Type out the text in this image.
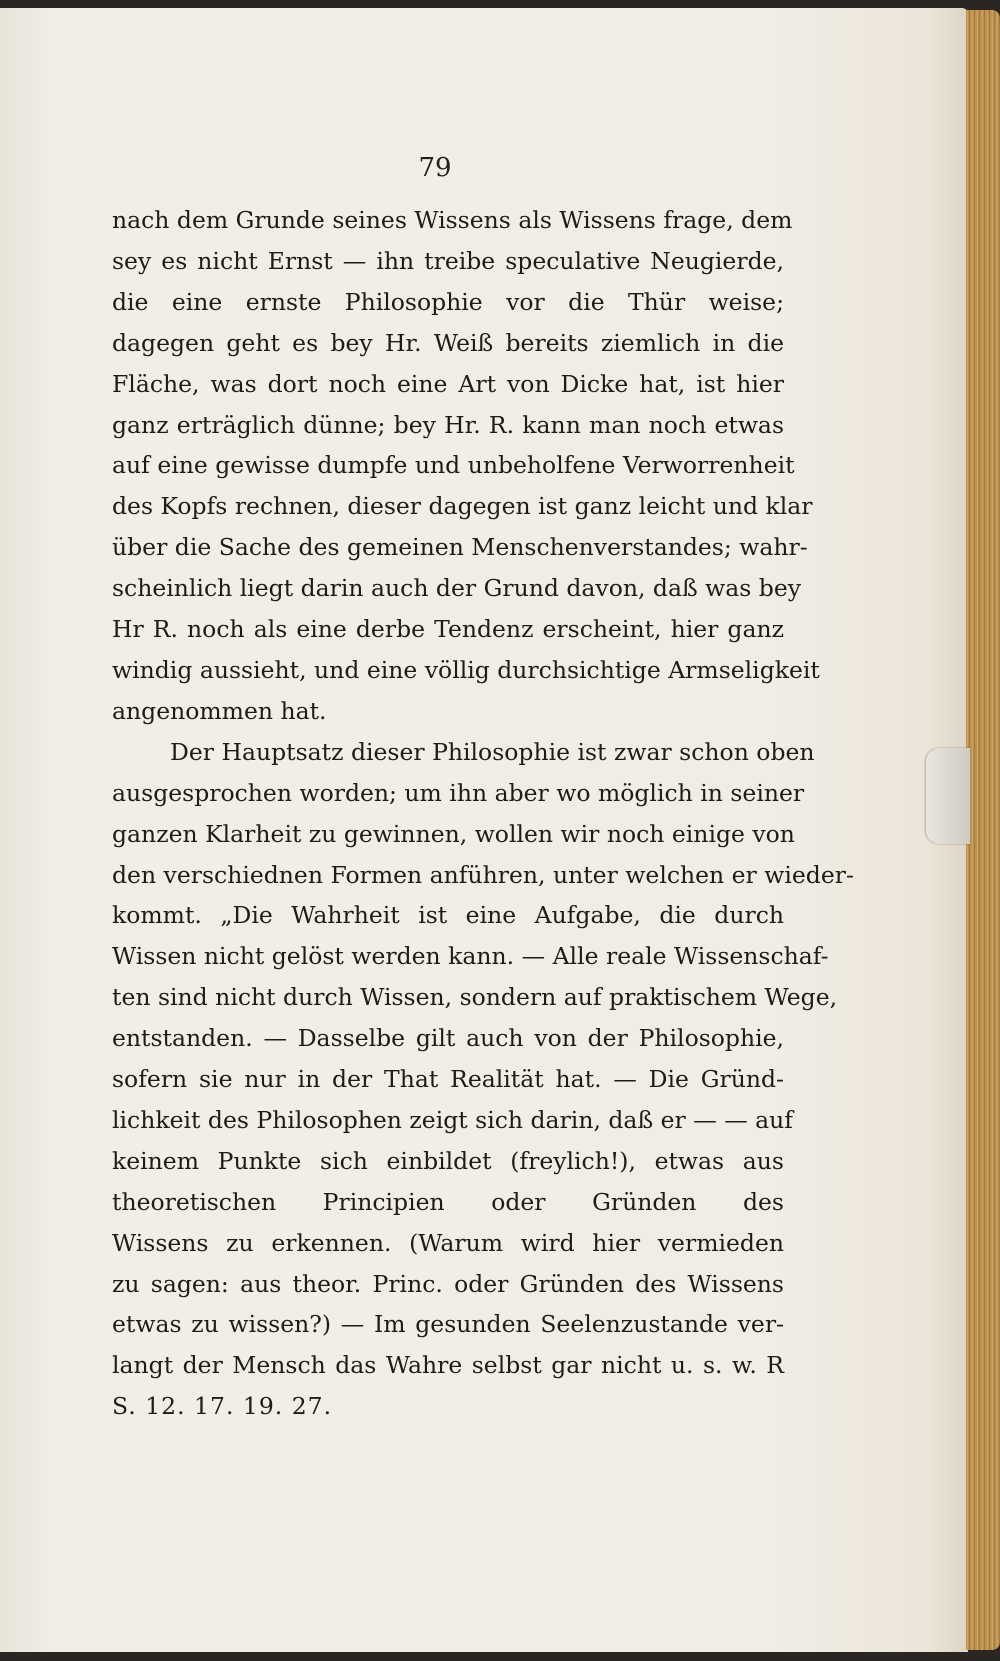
79
nach dem Grunde seines Wissens als Wissens frage, dem
sey es nicht Ernst — ihn treibe speculative Neugierde,
die eine ernste Philosophie vor die Thür weise;
dagegen geht es bey Hr. Weiß bereits ziemlich in die
Fläche, was dort noch eine Art von Dicke hat, ist hier
ganz erträglich dünne; bey Hr. R. kann man noch etwas
auf eine gewisse dumpfe und unbeholfene Verworrenheit
des Kopfs rechnen, dieser dagegen ist ganz leicht und klar
über die Sache des gemeinen Menschenverstandes; wahr-
scheinlich liegt darin auch der Grund davon, daß was bey
Hr R. noch als eine derbe Tendenz erscheint, hier ganz
windig aussieht, und eine völlig durchsichtige Armseligkeit
angenommen hat.
Der Hauptsatz dieser Philosophie ist zwar schon oben
ausgesprochen worden; um ihn aber wo möglich in seiner
ganzen Klarheit zu gewinnen, wollen wir noch einige von
den verschiednen Formen anführen, unter welchen er wieder-
kommt. „Die Wahrheit ist eine Aufgabe, die durch
Wissen nicht gelöst werden kann. — Alle reale Wissenschaf-
ten sind nicht durch Wissen, sondern auf praktischem Wege,
entstanden. — Dasselbe gilt auch von der Philosophie,
sofern sie nur in der That Realität hat. — Die Gründ-
lichkeit des Philosophen zeigt sich darin, daß er — — auf
keinem Punkte sich einbildet (freylich!), etwas aus
theoretischen Principien oder Gründen des
Wissens zu erkennen. (Warum wird hier vermieden
zu sagen: aus theor. Princ. oder Gründen des Wissens
etwas zu wissen?) — Im gesunden Seelenzustande ver-
langt der Mensch das Wahre selbst gar nicht u. s. w. R
S. 12. 17. 19. 27.
